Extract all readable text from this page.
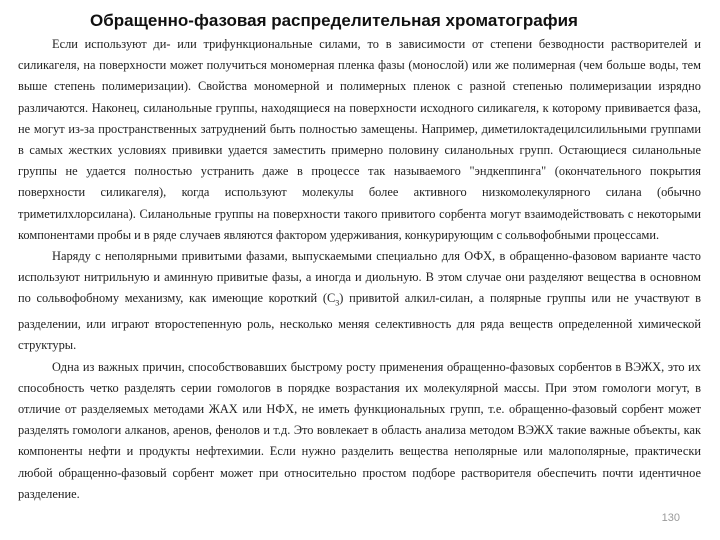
Обращенно-фазовая распределительная хроматография

Если используют ди- или трифункциональные силами, то в зависимости от степени безводности растворителей и силикагеля, на поверхности может получиться мономерная пленка фазы (монослой) или же полимерная (чем больше воды, тем выше степень полимеризации). Свойства мономерной и полимерных пленок с разной степенью полимеризации изрядно различаются. Наконец, силанольные группы, находящиеся на поверхности исходного силикагеля, к которому прививается фаза, не могут из-за пространственных затруднений быть полностью замещены. Например, диметилоктадецилсилильными группами в самых жестких условиях прививки удается заместить примерно половину силанольных групп. Остающиеся силанольные группы не удается полностью устранить даже в процессе так называемого "эндкеппинга" (окончательного покрытия поверхности силикагеля), когда используют молекулы более активного низкомолекулярного силана (обычно триметилхлорсилана). Силанольные группы на поверхности такого привитого сорбента могут взаимодействовать с некоторыми компонентами пробы и в ряде случаев являются фактором удерживания, конкурирующим с сольвофобными процессами.

Наряду с неполярными привитыми фазами, выпускаемыми специально для ОФХ, в обращенно-фазовом варианте часто используют нитрильную и аминную привитые фазы, а иногда и диольную. В этом случае они разделяют вещества в основном по сольвофобному механизму, как имеющие короткий $(С_3)$ привитой алкил-силан, а полярные группы или не участвуют в разделении, или играют второстепенную роль, несколько меняя селективность для ряда веществ определенной химической структуры.

Одна из важных причин, способствовавших быстрому росту применения обращенно-фазовых сорбентов в ВЭЖХ, это их способность четко разделять серии гомологов в порядке возрастания их молекулярной массы. При этом гомологи могут, в отличие от разделяемых методами ЖАХ или НФХ, не иметь функциональных групп, т.е. обращенно-фазовый сорбент может разделять гомологи алканов, аренов, фенолов и т.д. Это вовлекает в область анализа методом ВЭЖХ такие важные объекты, как компоненты нефти и продукты нефтехимии. Если нужно разделить вещества неполярные или малополярные, практически любой обращенно-фазовый сорбент может при относительно простом подборе растворителя обеспечить почти идентичное разделение.

130
